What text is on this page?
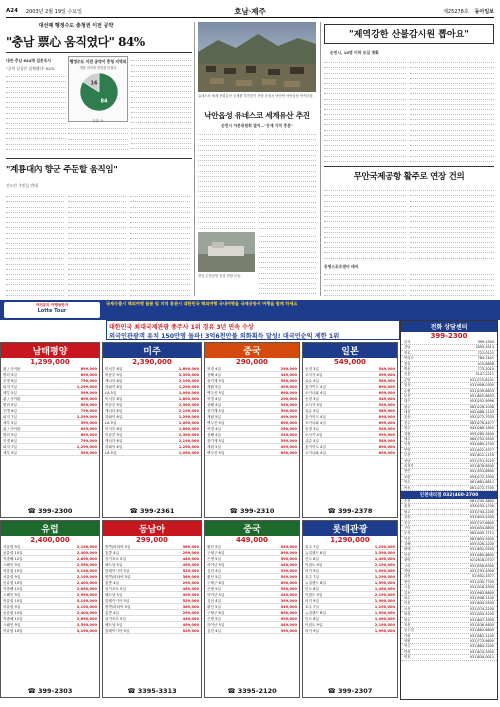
A24 2003년 2월 19일 수요일	호남·제주	제25278호 동아일보
대선때 행정수도 충청권 이전 공약
"충남 票心 움직였다" 84%
대전·충남 644명 설문조사
"공약 실상은 실체했다" 62%
행정수도 이전 공약이 충청 지역의
대통 지지에 영향을 미쳤다
84
16
단위: %
"계룡대內 향군 주둔할 움직임"
신도안 주민들 반대
유네스코 세계 문화유산 등재를 추진중인 전남 순천시 낙안면 낙안읍성 민속마을.
낙안읍성 유네스코 세계유산 추진
순천시 자문위원회 열어…"등재 가치 충분"
전남 무안공항 건설 현장 모습.
"제역강한 산불감시원 뽑아요"
순천시, 10명 이하 모집 계획
무안국제공항 활주로 연장 건의
동명스포츠센터 테마
여러분의 여행동반자
Lotte Tour
국제수출시 해외여행 물품 및 지역 통관시 대한민국 해외여행 국내여행을 국제공항서 여행을 함께 하세요
대한민국 최대국제관광 종주사 1위 경유 3년 연속 수상
외국인관광객 유치 150만명 돌파! 3억6천만불 외화획득 달성! 대국민순익 제한 1위
남태평양
1,299,000
괌 / 사이판	699,000
발리 5일	899,000
푸켓 6일	799,000
피지 7일	1,299,000
세부 5일	599,000
괌 / 사이판	699,000
발리 5일	899,000
푸켓 6일	799,000
피지 7일	1,299,000
세부 5일	599,000
괌 / 사이판	699,000
발리 5일	899,000
푸켓 6일	799,000
피지 7일	1,299,000
세부 5일	599,000
☎ 399-2300
유럽
2,400,000
서유럽 9일	2,190,000
동유럽 10일	2,400,000
지중해 12일	2,890,000
스페인 9일	2,590,000
북유럽 10일	3,190,000
서유럽 9일	2,190,000
동유럽 10일	2,400,000
지중해 12일	2,890,000
스페인 9일	2,590,000
북유럽 10일	3,190,000
서유럽 9일	2,190,000
동유럽 10일	2,400,000
지중해 12일	2,890,000
스페인 9일	2,590,000
북유럽 10일	3,190,000
☎ 399-2303
미주
2,390,000
미서부 8일	1,890,000
미동부 9일	2,390,000
캐나다 8일	2,190,000
하와이 6일	1,290,000
LA 5일	1,090,000
미서부 8일	1,890,000
미동부 9일	2,390,000
캐나다 8일	2,190,000
하와이 6일	1,290,000
LA 5일	1,090,000
미서부 8일	1,890,000
미동부 9일	2,390,000
캐나다 8일	2,190,000
하와이 6일	1,290,000
LA 5일	1,090,000
☎ 399-2361
동남아
299,000
방콕/파타야 5일	369,000
홍콩 4일	299,000
싱가포르 5일	449,000
베트남 5일	499,000
말레이시아 5일	529,000
방콕/파타야 5일	369,000
홍콩 4일	299,000
싱가포르 5일	449,000
베트남 5일	499,000
말레이시아 5일	529,000
방콕/파타야 5일	369,000
홍콩 4일	299,000
싱가포르 5일	449,000
베트남 5일	499,000
말레이시아 5일	529,000
☎ 3395-3313
중국
290,000
북경 4일	290,000
상해 4일	349,000
장가계 5일	590,000
계림 5일	499,000
백두산 5일	690,000
북경 4일	290,000
상해 4일	349,000
장가계 5일	590,000
계림 5일	499,000
백두산 5일	690,000
북경 4일	290,000
상해 4일	349,000
장가계 5일	590,000
계림 5일	499,000
백두산 5일	690,000
☎ 399-2310
중국
449,000
황산 5일	549,000
구채구 6일	890,000
곤명 5일	590,000
하이난 5일	449,000
심천 4일	399,000
황산 5일	549,000
구채구 6일	890,000
곤명 5일	590,000
하이난 5일	449,000
심천 4일	399,000
황산 5일	549,000
구채구 6일	890,000
곤명 5일	590,000
하이난 5일	449,000
심천 4일	399,000
☎ 3395-2120
일본
549,000
동경 3일	549,000
오사카 4일	599,000
큐슈 4일	589,000
홋카이도 4일	890,000
오키나와 4일	699,000
동경 3일	549,000
오사카 4일	599,000
큐슈 4일	589,000
홋카이도 4일	890,000
오키나와 4일	699,000
동경 3일	549,000
오사카 4일	599,000
큐슈 4일	589,000
홋카이도 4일	890,000
오키나와 4일	699,000
☎ 399-2378
롯데관광
1,290,000
호주 7일	1,290,000
뉴질랜드 8일	1,590,000
인도 8일	1,490,000
이집트 9일	2,190,000
터키 9일	1,990,000
호주 7일	1,290,000
뉴질랜드 8일	1,590,000
인도 8일	1,490,000
이집트 9일	2,190,000
터키 9일	1,990,000
호주 7일	1,290,000
뉴질랜드 8일	1,590,000
인도 8일	1,490,000
이집트 9일	2,190,000
터키 9일	1,990,000
☎ 399-2307
전화 상담센터
399-2300
본사	399-2300
강남	3395-3313
종로	722-0121
여의도	784-7441
잠실	415-8808
명동	773-2010
신촌	3147-2211
분당	031)715-8101
일산	031)908-0300
수원	031)239-8833
부산	051)805-6633
대구	053)252-9996
광주	062)228-1008
대전	042)486-1103
울산	052)272-7033
전주	063)276-4477
청주	043)266-1800
창원	055)285-3400
제주	064)752-3500
인천	032)460-2700
안양	031)422-3377
부천	032)612-1155
성남	031)751-5225
의정부	031)876-8500
천안	041)553-8800
포항	054)272-3300
여수	061)681-8811
목포	061)272-7700
인천대리점 032)460-2700
순천	061)745-3800
춘천	033)255-1700
원주	033)744-2200
강릉	033)643-5300
진주	055)747-6600
구미	054)454-8800
군산	063)445-7711
익산	063)853-5500
김해	055)326-2200
평택	031)652-5500
안산	031)485-6600
광명	02)2618-0707
구리	031)556-6300
하남	031)793-2900
과천	02)502-3377
용인	031)335-7700
시흥	031)316-3300
김포	031)983-8800
파주	031)946-1100
이천	031)634-5500
오산	031)374-2200
화성	031)355-5200
양주	031)847-3300
포천	031)536-4600
동두천	031)862-6600
가평	031)582-1100
양평	031)773-6600
여주	031)884-2200
안성	031)674-3300
연천	031)834-0011
